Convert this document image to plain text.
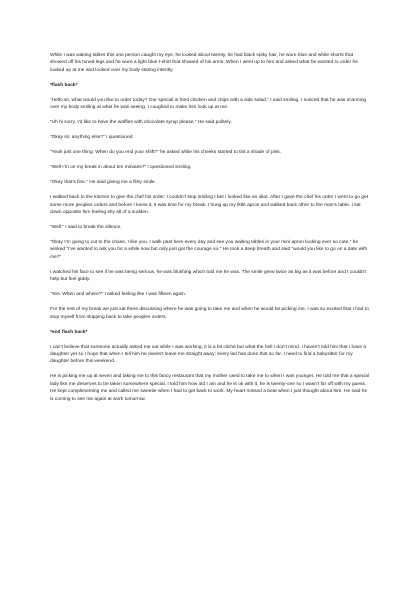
While I was waiting tables this one person caught my eye, he looked about twenty, he had black spiky hair, he wore blue and white shorts that showed off his toned legs and he wore a light blue t-shirt that showed of his arms. When I went up to him and asked what he wanted to order he looked up at me and looked over my body staring intently.

*flash back*

“Hello sir, what would you like to order today? Our special is fried chicken and chips with a side salad.” I said smiling. I noticed that he was scanning over my body smiling at what he was seeing. I coughed to make him look up at me.

“Uh hi sorry. I’d like to have the waffles with chocolate syrup please.” He said politely.

“Okay sir, anything else?” I questioned.

“Yeah just one thing. When do you end your shift?” he asked while his cheeks started to tint a shade of pink.

“Well I’m on my break in about ten minutes?” I questioned smiling.

“Okay that’s fine.” He said giving me a flirty smile.

I walked back to the kitchen to give the chef his order; I couldn’t stop smiling I bet I looked like an idiot. After I gave the chef his order I went to go get some more peoples orders and before I knew it, it was time for my break. I hung up my little apron and walked back other to the man’s table. I sat down opposite him feeling shy all of a sudden.

“Well.” I said to break the silence.

“Okay I’m going to cut to the chase, I like you. I walk past here every day and see you waiting tables in your mini apron looking ever so cute,” he winked “I’ve wanted to ask you for a while now but only just got the courage so.” He took a deep breath and said “would you like to go on a date with me?”

I watched his face to see if he was being serious, he was blushing which told me he was. The smile grew twice as big as it was before and I couldn’t help but feel giddy.

“Yes. When and where?” I asked feeling like I was fifteen again.

For the rest of my break we just sat there discussing where he was going to take me and when he would be picking me. I was so excited that I had to stop myself from skipping back to take peoples orders.

*end flash back*

I can’t believe that someone actually asked me out while I was working, it is a bit cliché but what the hell I don’t mind. I haven’t told him that I have a daughter yet so I hope that when I tell him he doesn’t leave me straight away; every lad has done that so far. I need to find a babysitter for my daughter before this weekend.

He is picking me up at seven and taking me to this fancy restaurant that my mother used to take me to when I was younger. He told me that a special lady like me deserves to be taken somewhere special. I told him how old I am and he is ok with it, he is twenty-one so I wasn’t far off with my guess. He kept complimenting me and called me sweetie when I had to get back to work. My heart missed a beat when I just thought about him. He said he is coming to see me again at work tomorrow.
